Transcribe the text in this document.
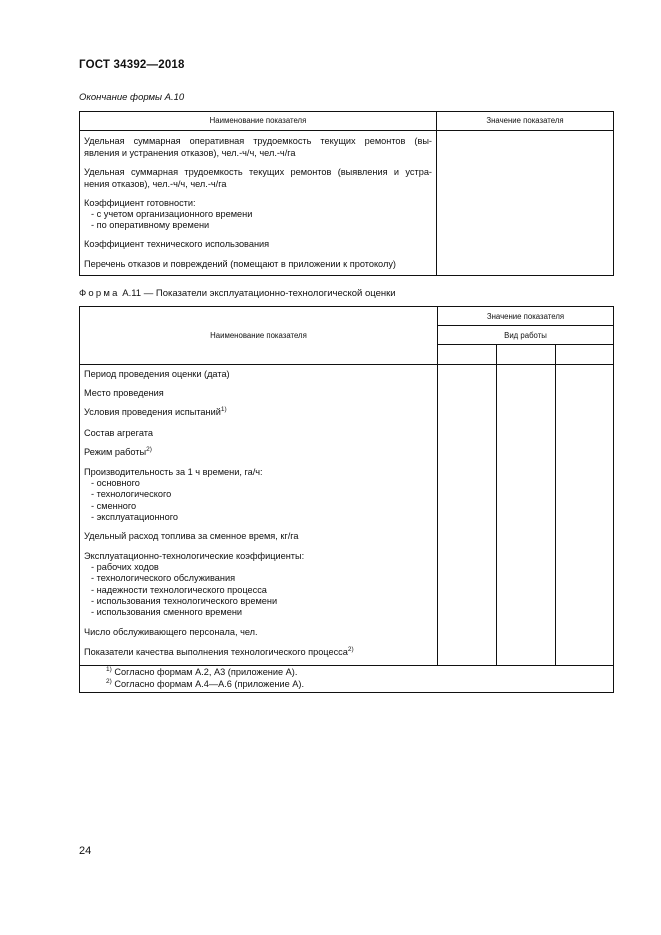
ГОСТ 34392—2018
Окончание формы А.10
Наименование показателя	Значение показателя
Удельная суммарная оперативная трудоемкость текущих ремонтов (вы-
явления и устранения отказов), чел.-ч/ч, чел.-ч/га
Удельная суммарная трудоемкость текущих ремонтов (выявления и устра-
нения отказов), чел.-ч/ч, чел.-ч/га
Коэффициент готовности:
- с учетом организационного времени
- по оперативному времени
Коэффициент технического использования
Перечень отказов и повреждений (помещают в приложении к протоколу)
Форма А.11 — Показатели эксплуатационно-технологической оценки
Наименование показателя
Значение показателя
Вид работы
Период проведения оценки (дата)
Место проведения
Условия проведения испытаний$^{1)}$
Состав агрегата
Режим работы$^{2)}$
Производительность за 1 ч времени, га/ч:
- основного
- технологического
- сменного
- эксплуатационного
Удельный расход топлива за сменное время, кг/га
Эксплуатационно-технологические коэффициенты:
- рабочих ходов
- технологического обслуживания
- надежности технологического процесса
- использования технологического времени
- использования сменного времени
Число обслуживающего персонала, чел.
Показатели качества выполнения технологического процесса$^{2)}$
$^{1)}$ Согласно формам А.2, А3 (приложение А).
$^{2)}$ Согласно формам А.4—А.6 (приложение А).
24
